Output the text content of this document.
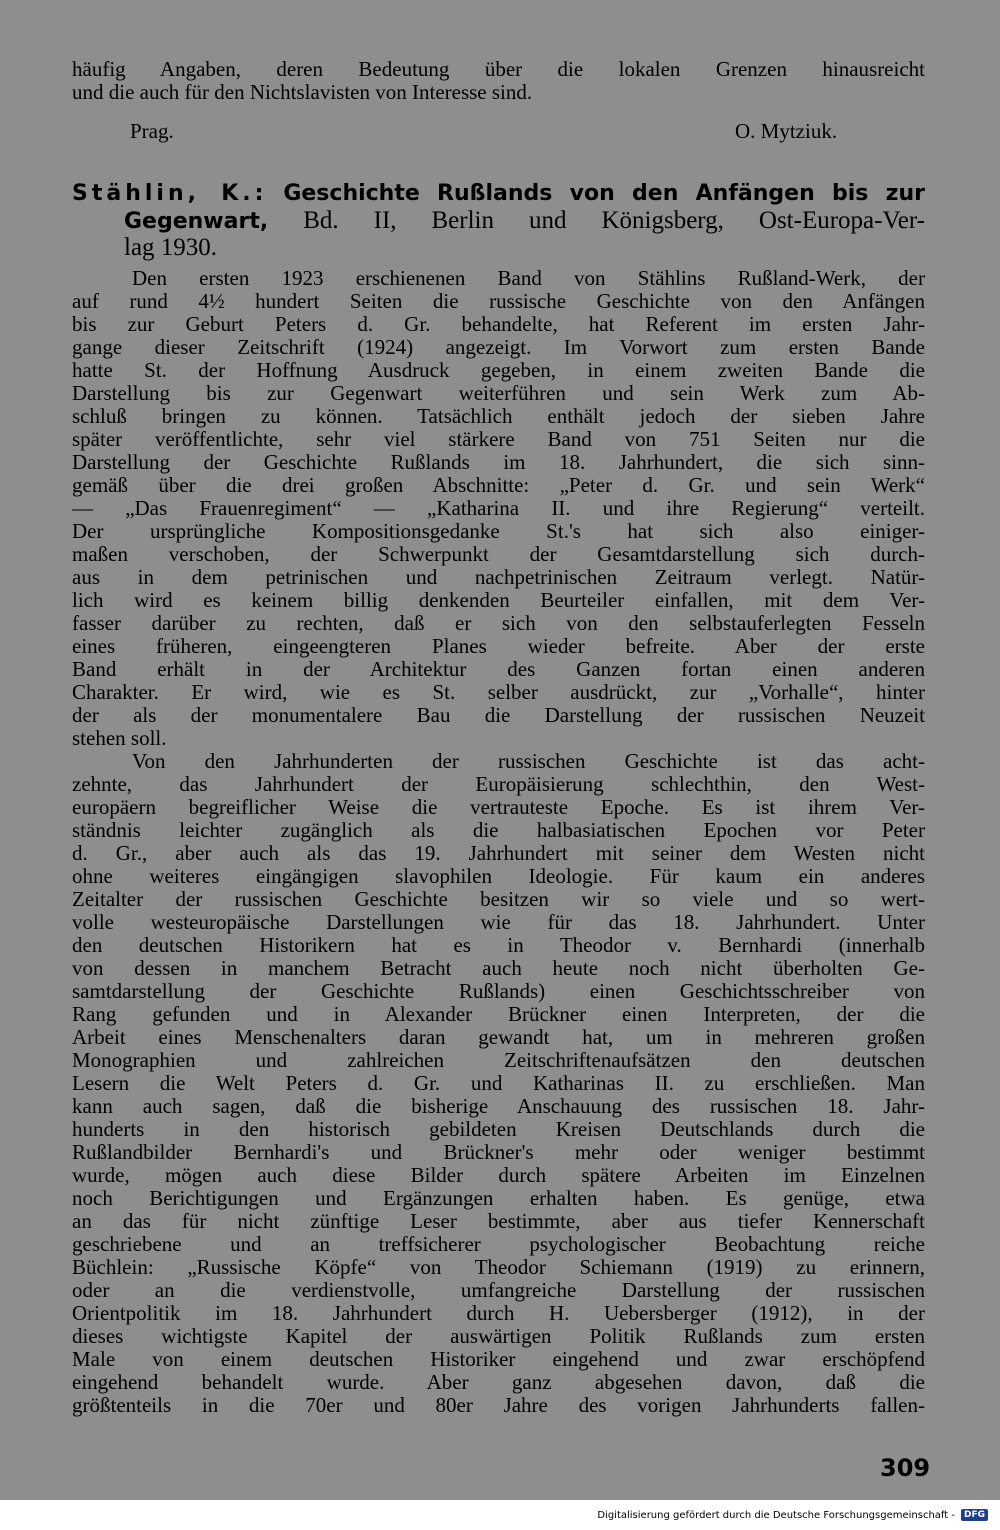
häufig Angaben, deren Bedeutung über die lokalen Grenzen hinausreicht
und die auch für den Nichtslavisten von Interesse sind.
Prag.	O. Mytziuk.
Stählin, K.: Geschichte Rußlands von den Anfängen bis zur
Gegenwart, Bd. II, Berlin und Königsberg, Ost-Europa-Ver-
lag 1930.
Den ersten 1923 erschienenen Band von Stählins Rußland-Werk, der
auf rund 4½ hundert Seiten die russische Geschichte von den Anfängen
bis zur Geburt Peters d. Gr. behandelte, hat Referent im ersten Jahr-
gange dieser Zeitschrift (1924) angezeigt. Im Vorwort zum ersten Bande
hatte St. der Hoffnung Ausdruck gegeben, in einem zweiten Bande die
Darstellung bis zur Gegenwart weiterführen und sein Werk zum Ab-
schluß bringen zu können. Tatsächlich enthält jedoch der sieben Jahre
später veröffentlichte, sehr viel stärkere Band von 751 Seiten nur die
Darstellung der Geschichte Rußlands im 18. Jahrhundert, die sich sinn-
gemäß über die drei großen Abschnitte: „Peter d. Gr. und sein Werk“
— „Das Frauenregiment“ — „Katharina II. und ihre Regierung“ verteilt.
Der ursprüngliche Kompositionsgedanke St.'s hat sich also einiger-
maßen verschoben, der Schwerpunkt der Gesamtdarstellung sich durch-
aus in dem petrinischen und nachpetrinischen Zeitraum verlegt. Natür-
lich wird es keinem billig denkenden Beurteiler einfallen, mit dem Ver-
fasser darüber zu rechten, daß er sich von den selbstauferlegten Fesseln
eines früheren, eingeengteren Planes wieder befreite. Aber der erste
Band erhält in der Architektur des Ganzen fortan einen anderen
Charakter. Er wird, wie es St. selber ausdrückt, zur „Vorhalle“, hinter
der als der monumentalere Bau die Darstellung der russischen Neuzeit
stehen soll.
Von den Jahrhunderten der russischen Geschichte ist das acht-
zehnte, das Jahrhundert der Europäisierung schlechthin, den West-
europäern begreiflicher Weise die vertrauteste Epoche. Es ist ihrem Ver-
ständnis leichter zugänglich als die halbasiatischen Epochen vor Peter
d. Gr., aber auch als das 19. Jahrhundert mit seiner dem Westen nicht
ohne weiteres eingängigen slavophilen Ideologie. Für kaum ein anderes
Zeitalter der russischen Geschichte besitzen wir so viele und so wert-
volle westeuropäische Darstellungen wie für das 18. Jahrhundert. Unter
den deutschen Historikern hat es in Theodor v. Bernhardi (innerhalb
von dessen in manchem Betracht auch heute noch nicht überholten Ge-
samtdarstellung der Geschichte Rußlands) einen Geschichtsschreiber von
Rang gefunden und in Alexander Brückner einen Interpreten, der die
Arbeit eines Menschenalters daran gewandt hat, um in mehreren großen
Monographien und zahlreichen Zeitschriftenaufsätzen den deutschen
Lesern die Welt Peters d. Gr. und Katharinas II. zu erschließen. Man
kann auch sagen, daß die bisherige Anschauung des russischen 18. Jahr-
hunderts in den historisch gebildeten Kreisen Deutschlands durch die
Rußlandbilder Bernhardi's und Brückner's mehr oder weniger bestimmt
wurde, mögen auch diese Bilder durch spätere Arbeiten im Einzelnen
noch Berichtigungen und Ergänzungen erhalten haben. Es genüge, etwa
an das für nicht zünftige Leser bestimmte, aber aus tiefer Kennerschaft
geschriebene und an treffsicherer psychologischer Beobachtung reiche
Büchlein: „Russische Köpfe“ von Theodor Schiemann (1919) zu erinnern,
oder an die verdienstvolle, umfangreiche Darstellung der russischen
Orientpolitik im 18. Jahrhundert durch H. Uebersberger (1912), in der
dieses wichtigste Kapitel der auswärtigen Politik Rußlands zum ersten
Male von einem deutschen Historiker eingehend und zwar erschöpfend
eingehend behandelt wurde. Aber ganz abgesehen davon, daß die
größtenteils in die 70er und 80er Jahre des vorigen Jahrhunderts fallen-
309
Digitalisierung gefördert durch die Deutsche Forschungsgemeinschaft -	DFG
